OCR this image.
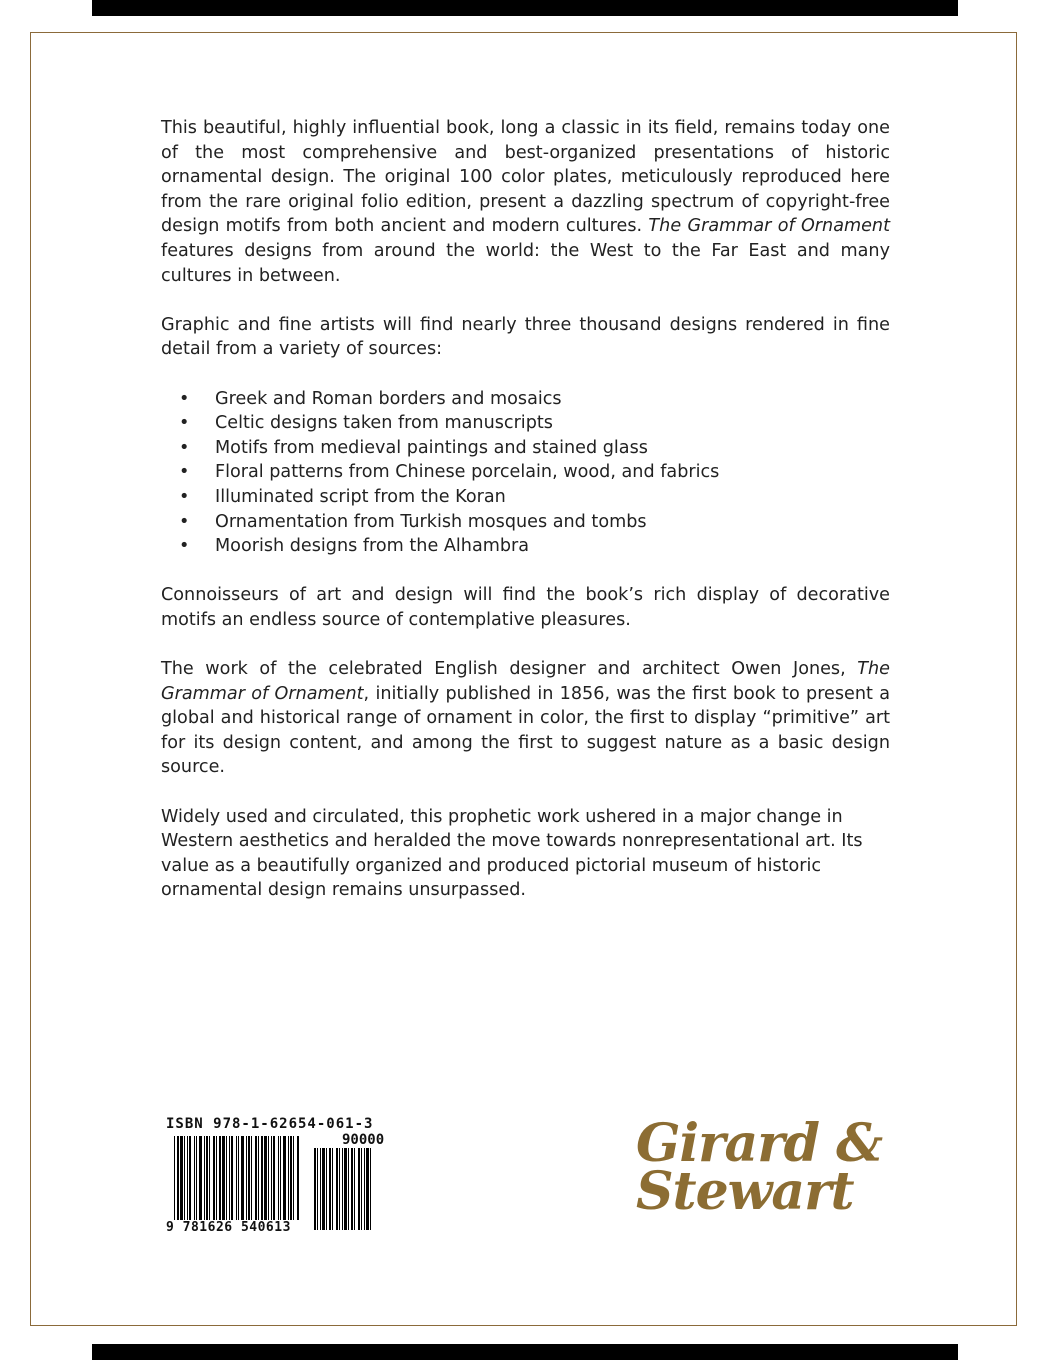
This beautiful, highly influential book, long a classic in its field, remains today one of the most comprehensive and best-organized presentations of historic ornamental design. The original 100 color plates, meticulously reproduced here from the rare original folio edition, present a dazzling spectrum of copyright-free design motifs from both ancient and modern cultures. The Grammar of Ornament features designs from around the world: the West to the Far East and many cultures in between.

Graphic and fine artists will find nearly three thousand designs rendered in fine detail from a variety of sources:

• Greek and Roman borders and mosaics
• Celtic designs taken from manuscripts
• Motifs from medieval paintings and stained glass
• Floral patterns from Chinese porcelain, wood, and fabrics
• Illuminated script from the Koran
• Ornamentation from Turkish mosques and tombs
• Moorish designs from the Alhambra

Connoisseurs of art and design will find the book’s rich display of decorative motifs an endless source of contemplative pleasures.

The work of the celebrated English designer and architect Owen Jones, The Grammar of Ornament, initially published in 1856, was the first book to present a global and historical range of ornament in color, the first to display “primitive” art for its design content, and among the first to suggest nature as a basic design source.

Widely used and circulated, this prophetic work ushered in a major change in Western aesthetics and heralded the move towards nonrepresentational art. Its value as a beautifully organized and produced pictorial museum of historic ornamental design remains unsurpassed.

ISBN 978-1-62654-061-3
90000
9 781626 540613
Girard &
Stewart
